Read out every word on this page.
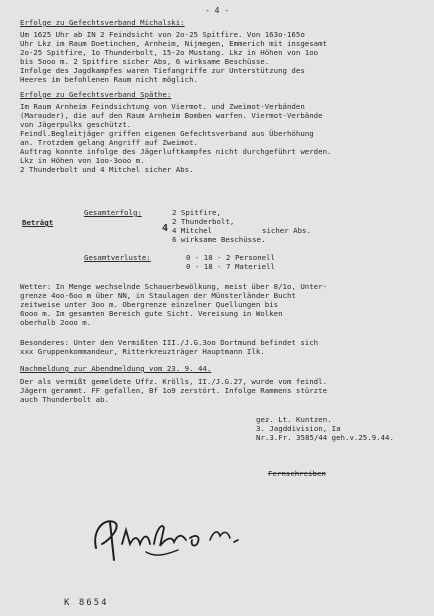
- 4 -
Erfolge zu Gefechtsverband Michalski:
Um 1625 Uhr ab IN 2 Feindsicht von 2o-25 Spitfire. Von 163o-165o
Uhr Lkz im Raum Doetinchen, Arnheim, Nijmegen, Emmerich mit insgesamt
2o-25 Spitfire, 1o Thunderbolt, 15-2o Mustang. Lkz in Höhen von 1oo
bis 5ooo m. 2 Spitfire sicher Abs, 6 wirksame Beschüsse.
Infolge des Jagdkampfes waren Tiefangriffe zur Unterstützung des
Heeres im befohlenen Raum nicht möglich.
Erfolge zu Gefechtsverband Späthe:
Im Raum Arnheim Feindsichtung von Viermot. und Zweimot-Verbänden
(Marauder), die auf den Raum Arnheim Bomben warfen. Viermot-Verbände
von Jägerpulks geschützt.
Feindl.Begleitjäger griffen eigenen Gefechtsverband aus Überhöhung
an. Trotzdem gelang Angriff auf Zweimot.
Auftrag konnte infolge des Jägerluftkampfes nicht durchgeführt werden.
Lkz in Höhen von 1oo-3ooo m.
2 Thunderbolt und 4 Mitchel sicher Abs.
Beträgt
Gesamterfolg:
4
2 Spitfire,
2 Thunderbolt,
4 Mitchel
6 wirksame Beschüsse.
sicher Abs.
Gesamtverluste:	0 - 18 - 2 Personell
0 - 18 - 7 Materiell
Wetter: In Menge wechselnde Schauerbewölkung, meist über 8/1o, Unter-
grenze 4oo-6oo m über NN, in Staulagen der Münsterländer Bucht
zeitweise unter 3oo m. Obergrenze einzelner Quellungen bis
6ooo m. Im gesamten Bereich gute Sicht. Vereisung in Wolken
oberhalb 2ooo m.
Besonderes: Unter den Vermißten III./J.G.3oo Dortmund befindet sich
xxx Gruppenkommandeur, Ritterkreuzträger Hauptmann Ilk.
Nachmeldung zur Abendmeldung vom 23. 9. 44.
Der als vermißt gemeldete Uffz. Krölls, II./J.G.27, wurde vom feindl.
Jägern gerammt. FF gefallen, Bf 1o9 zerstört. Infolge Rammens stürzte
auch Thunderbolt ab.
gez. Lt. Kuntzen.
3. Jagddivision, Ia
Nr.3.Fr. 3585/44 geh.v.25.9.44.
Fernschreiben
K 8654
